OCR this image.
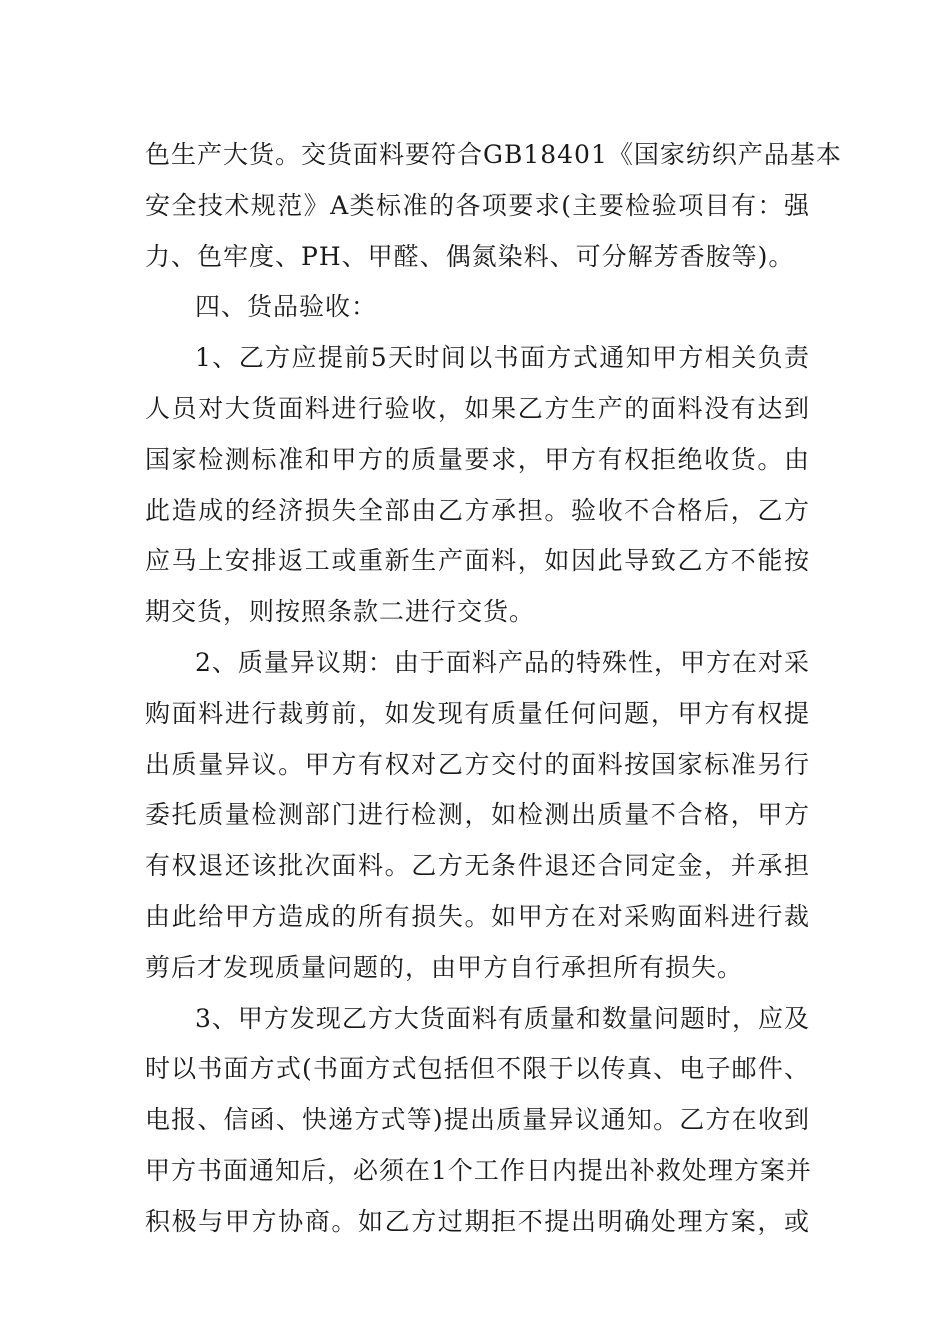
色生产大货。交货面料要符合GB18401《国家纺织产品基本
安全技术规范》A类标准的各项要求(主要检验项目有：强
力、色牢度、PH、甲醛、偶氮染料、可分解芳香胺等)。
四、货品验收：
1、乙方应提前5天时间以书面方式通知甲方相关负责
人员对大货面料进行验收，如果乙方生产的面料没有达到
国家检测标准和甲方的质量要求，甲方有权拒绝收货。由
此造成的经济损失全部由乙方承担。验收不合格后，乙方
应马上安排返工或重新生产面料，如因此导致乙方不能按
期交货，则按照条款二进行交货。
2、质量异议期：由于面料产品的特殊性，甲方在对采
购面料进行裁剪前，如发现有质量任何问题，甲方有权提
出质量异议。甲方有权对乙方交付的面料按国家标准另行
委托质量检测部门进行检测，如检测出质量不合格，甲方
有权退还该批次面料。乙方无条件退还合同定金，并承担
由此给甲方造成的所有损失。如甲方在对采购面料进行裁
剪后才发现质量问题的，由甲方自行承担所有损失。
3、甲方发现乙方大货面料有质量和数量问题时，应及
时以书面方式(书面方式包括但不限于以传真、电子邮件、
电报、信函、快递方式等)提出质量异议通知。乙方在收到
甲方书面通知后，必须在1个工作日内提出补救处理方案并
积极与甲方协商。如乙方过期拒不提出明确处理方案，或
